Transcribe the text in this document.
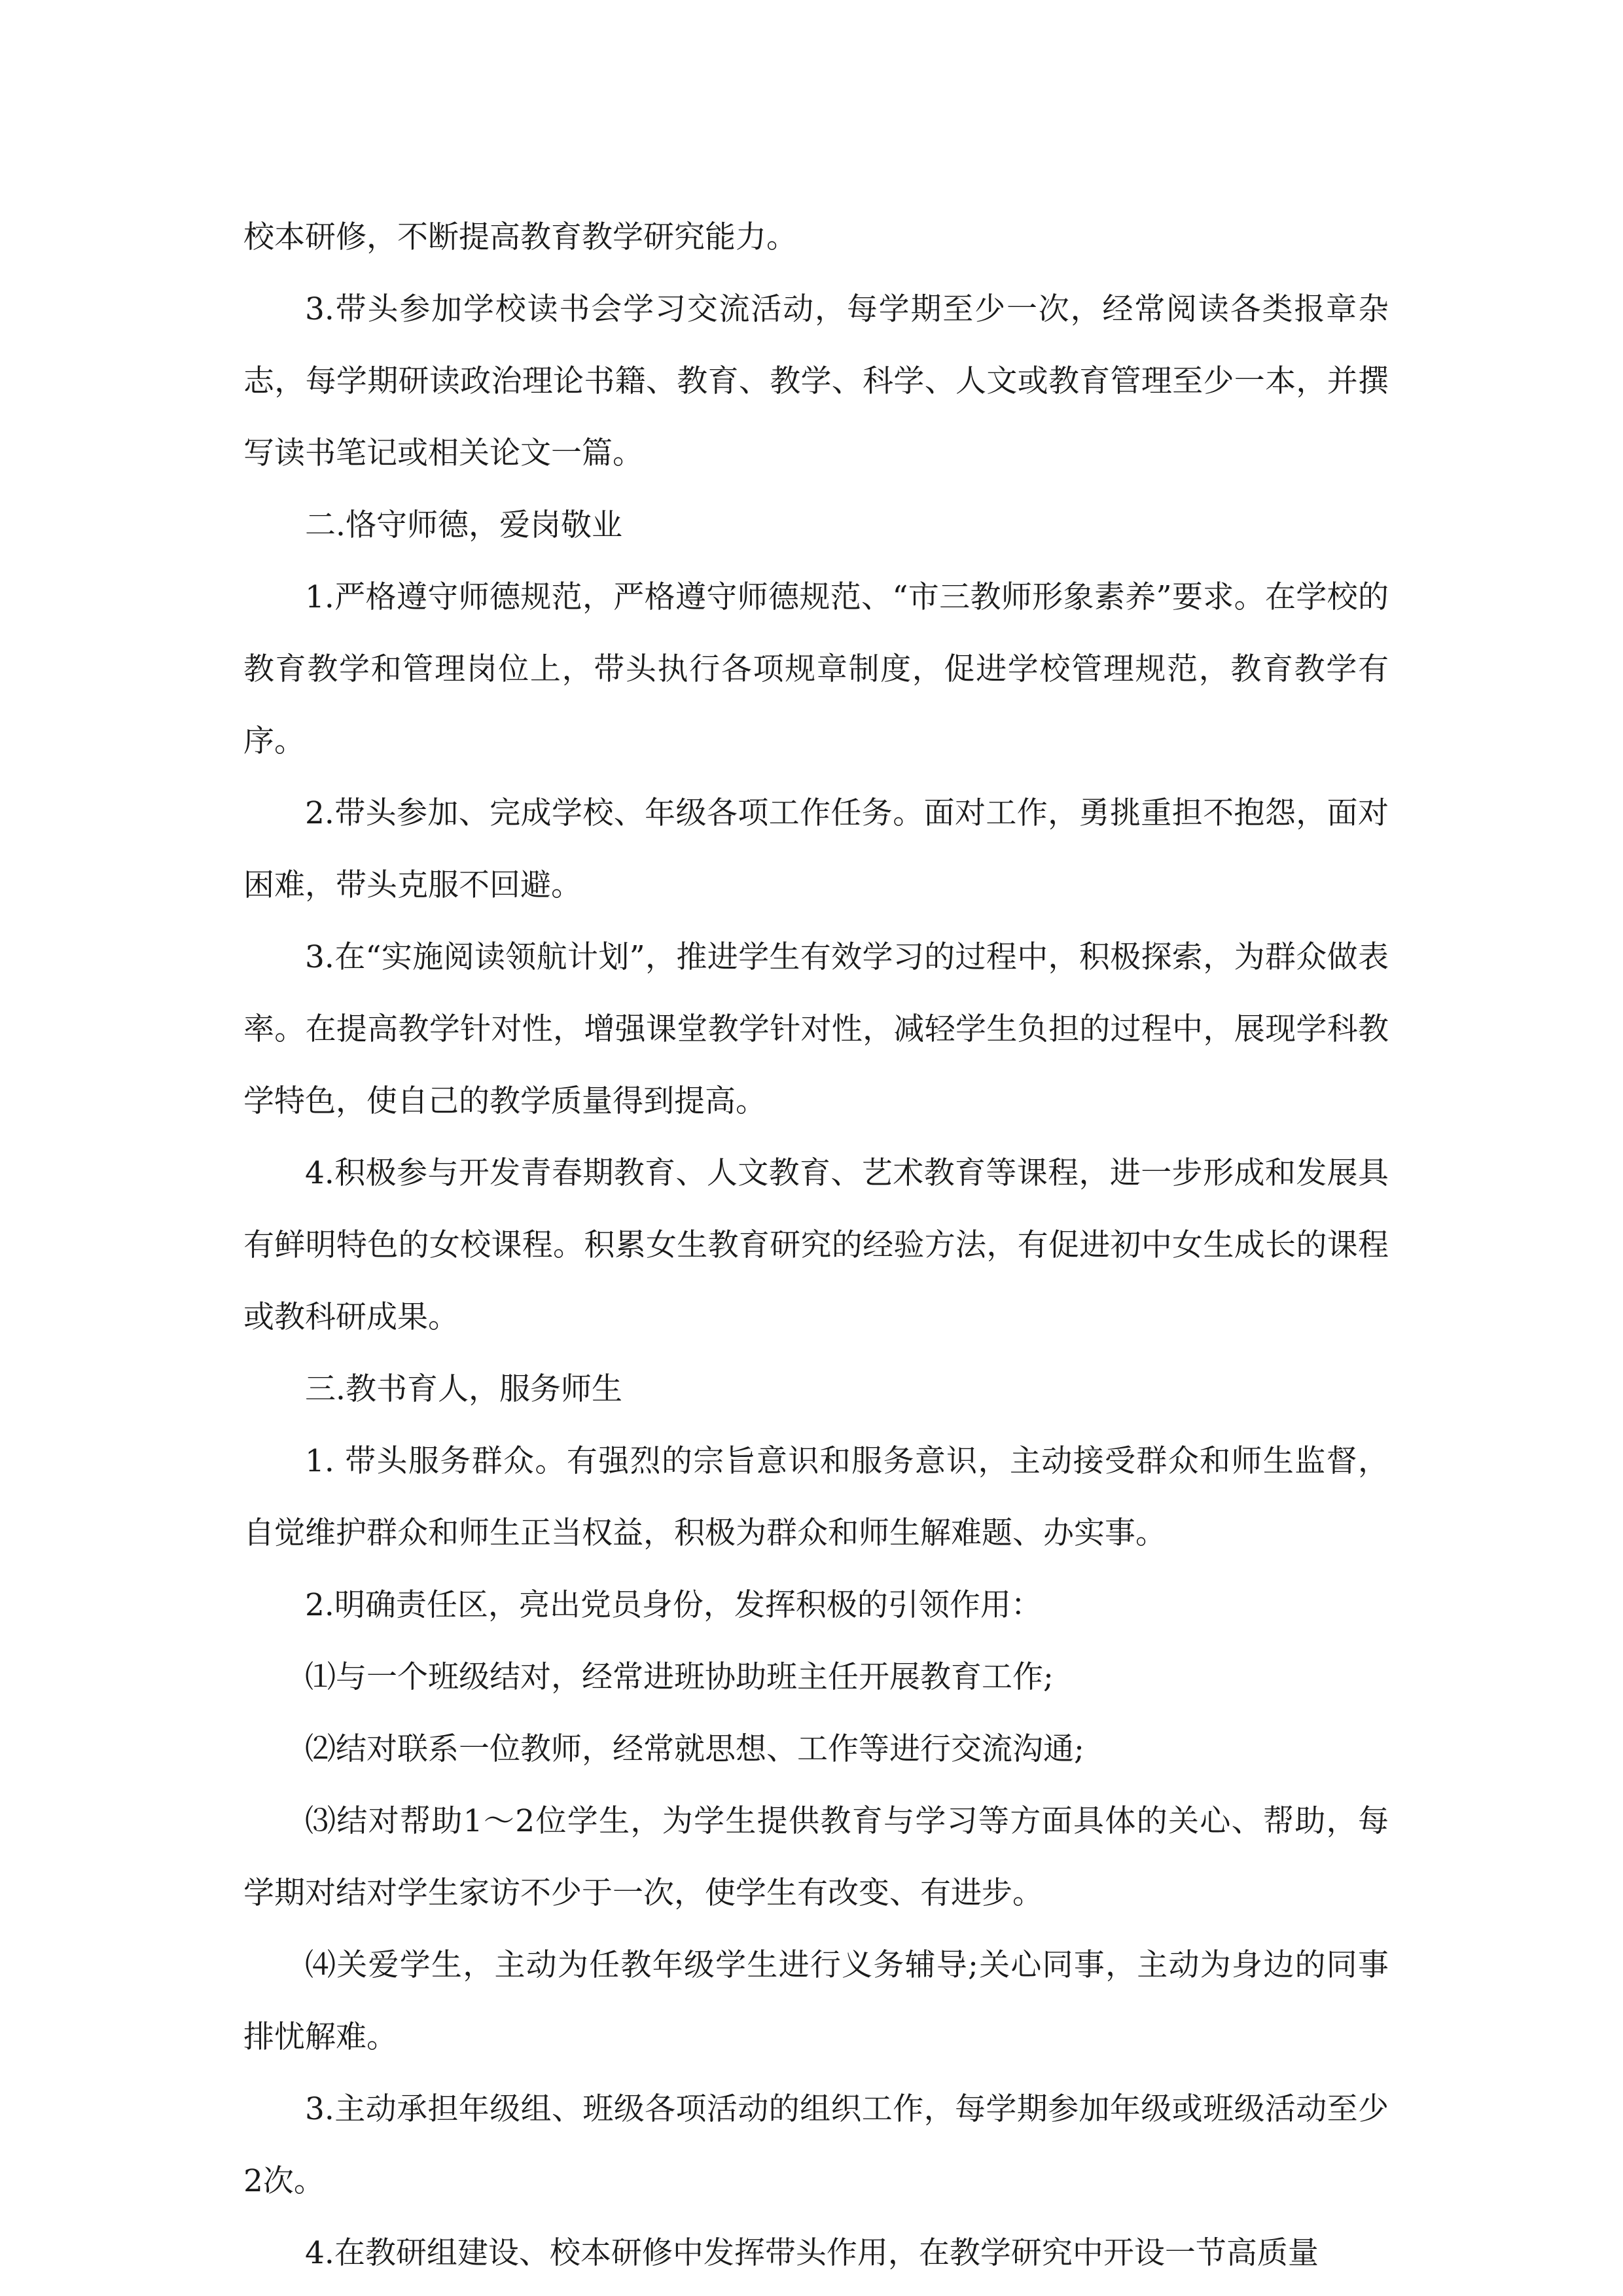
校本研修，不断提高教育教学研究能力。

3.带头参加学校读书会学习交流活动，每学期至少一次，经常阅读各类报章杂志，每学期研读政治理论书籍、教育、教学、科学、人文或教育管理至少一本，并撰写读书笔记或相关论文一篇。

二.恪守师德，爱岗敬业

1.严格遵守师德规范，严格遵守师德规范、“市三教师形象素养”要求。在学校的教育教学和管理岗位上，带头执行各项规章制度，促进学校管理规范，教育教学有序。

2.带头参加、完成学校、年级各项工作任务。面对工作，勇挑重担不抱怨，面对困难，带头克服不回避。

3.在“实施阅读领航计划”，推进学生有效学习的过程中，积极探索，为群众做表率。在提高教学针对性，增强课堂教学针对性，减轻学生负担的过程中，展现学科教学特色，使自己的教学质量得到提高。

4.积极参与开发青春期教育、人文教育、艺术教育等课程，进一步形成和发展具有鲜明特色的女校课程。积累女生教育研究的经验方法，有促进初中女生成长的课程或教科研成果。

三.教书育人，服务师生

1. 带头服务群众。有强烈的宗旨意识和服务意识，主动接受群众和师生监督，自觉维护群众和师生正当权益，积极为群众和师生解难题、办实事。

2.明确责任区，亮出党员身份，发挥积极的引领作用：

⑴与一个班级结对，经常进班协助班主任开展教育工作;

⑵结对联系一位教师，经常就思想、工作等进行交流沟通;

⑶结对帮助1～2位学生，为学生提供教育与学习等方面具体的关心、帮助，每学期对结对学生家访不少于一次，使学生有改变、有进步。

⑷关爱学生，主动为任教年级学生进行义务辅导;关心同事，主动为身边的同事排忧解难。

3.主动承担年级组、班级各项活动的组织工作，每学期参加年级或班级活动至少2次。

4.在教研组建设、校本研修中发挥带头作用，在教学研究中开设一节高质量
